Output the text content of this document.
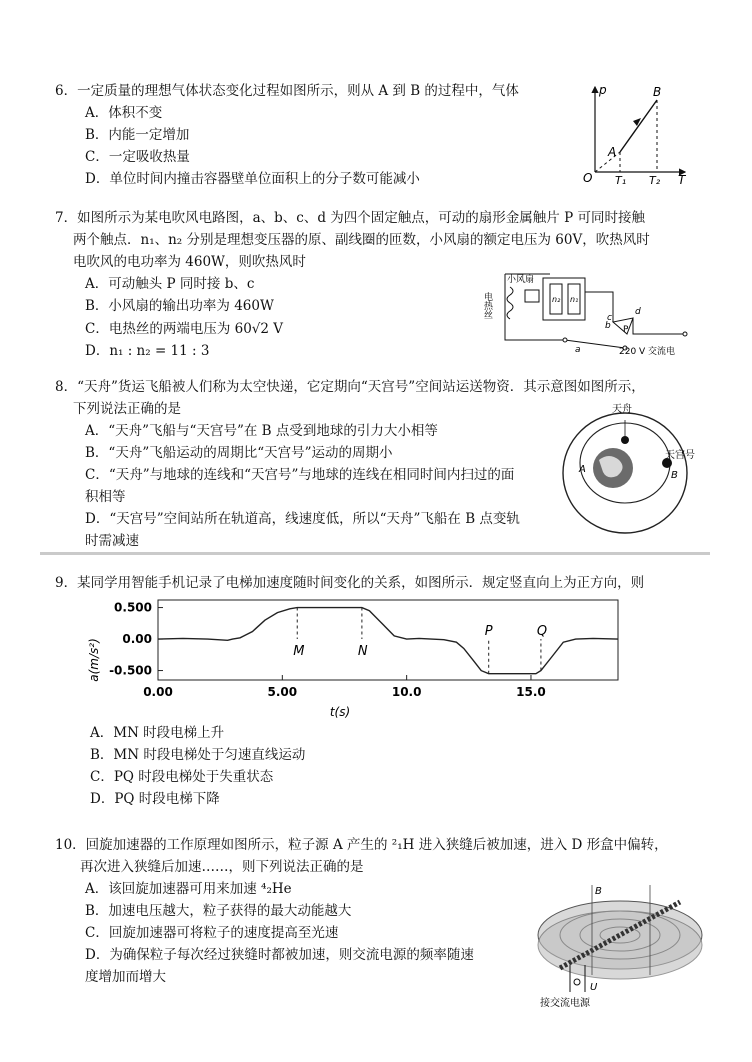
6．一定质量的理想气体状态变化过程如图所示，则从 A 到 B 的过程中，气体
A．体积不变
B．内能一定增加
C．一定吸收热量
D．单位时间内撞击容器壁单位面积上的分子数可能减小
p
T
O T₁ T₂
A
B
7．如图所示为某电吹风电路图，a、b、c、d 为四个固定触点，可动的扇形金属触片 P 可同时接触
两个触点．n₁、n₂ 分别是理想变压器的原、副线圈的匝数，小风扇的额定电压为 60V，吹热风时
电吹风的电功率为 460W，则吹热风时
A．可动触头 P 同时接 b、c
B．小风扇的输出功率为 460W
C．电热丝的两端电压为 60√2 V
D．n₁ : n₂ = 11 : 3
小风扇
电热丝	n₂ n₁
220 V 交流电
a
b
c
d
P
8．“天舟”货运飞船被人们称为太空快递，它定期向“天宫号”空间站运送物资．其示意图如图所示，
下列说法正确的是
A．“天舟”飞船与“天宫号”在 B 点受到地球的引力大小相等
B．“天舟”飞船运动的周期比“天宫号”运动的周期小
C．“天舟”与地球的连线和“天宫号”与地球的连线在相同时间内扫过的面
积相等
D．“天宫号”空间站所在轨道高，线速度低，所以“天舟”飞船在 B 点变轨
时需减速
天舟
天宫号
A
B
9．某同学用智能手机记录了电梯加速度随时间变化的关系，如图所示．规定竖直向上为正方向，则
0.500
0.00
-0.500
0.00	5.00	10.0	15.0
M	N
P	Q
a(m/s²)
t(s)
A．MN 时段电梯上升
B．MN 时段电梯处于匀速直线运动
C．PQ 时段电梯处于失重状态
D．PQ 时段电梯下降
10．回旋加速器的工作原理如图所示，粒子源 A 产生的 ²₁H 进入狭缝后被加速，进入 D 形盒中偏转，
再次进入狭缝后加速……，则下列说法正确的是
A．该回旋加速器可用来加速 ⁴₂He
B．加速电压越大，粒子获得的最大动能越大
C．回旋加速器可将粒子的速度提高至光速
D．为确保粒子每次经过狭缝时都被加速，则交流电源的频率随速
度增加而增大
B
U
接交流电源
